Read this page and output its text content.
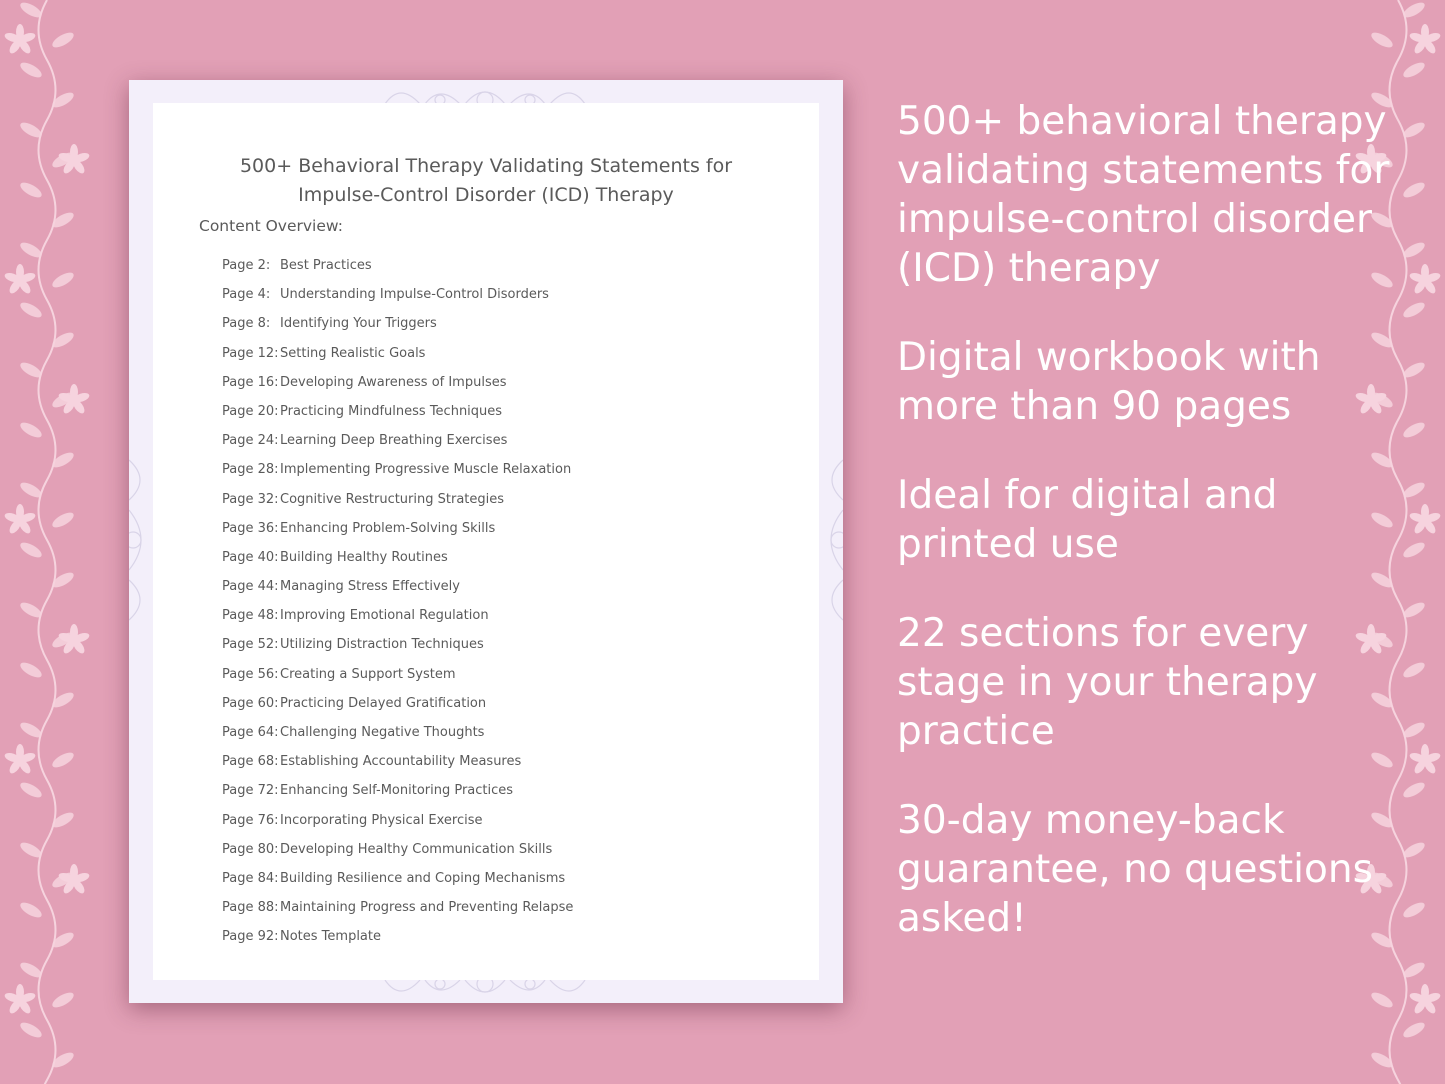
500+ Behavioral Therapy Validating Statements for
Impulse-Control Disorder (ICD) Therapy
Content Overview:
Page 2: Best Practices
Page 4: Understanding Impulse-Control Disorders
Page 8: Identifying Your Triggers
Page 12:Setting Realistic Goals
Page 16:Developing Awareness of Impulses
Page 20:Practicing Mindfulness Techniques
Page 24:Learning Deep Breathing Exercises
Page 28:Implementing Progressive Muscle Relaxation
Page 32:Cognitive Restructuring Strategies
Page 36:Enhancing Problem-Solving Skills
Page 40:Building Healthy Routines
Page 44:Managing Stress Effectively
Page 48:Improving Emotional Regulation
Page 52:Utilizing Distraction Techniques
Page 56:Creating a Support System
Page 60:Practicing Delayed Gratification
Page 64:Challenging Negative Thoughts
Page 68:Establishing Accountability Measures
Page 72:Enhancing Self-Monitoring Practices
Page 76:Incorporating Physical Exercise
Page 80:Developing Healthy Communication Skills
Page 84:Building Resilience and Coping Mechanisms
Page 88:Maintaining Progress and Preventing Relapse
Page 92:Notes Template

500+ behavioral therapy validating statements for impulse-control disorder (ICD) therapy

Digital workbook with more than 90 pages

Ideal for digital and printed use

22 sections for every stage in your therapy practice

30-day money-back guarantee, no questions asked!
